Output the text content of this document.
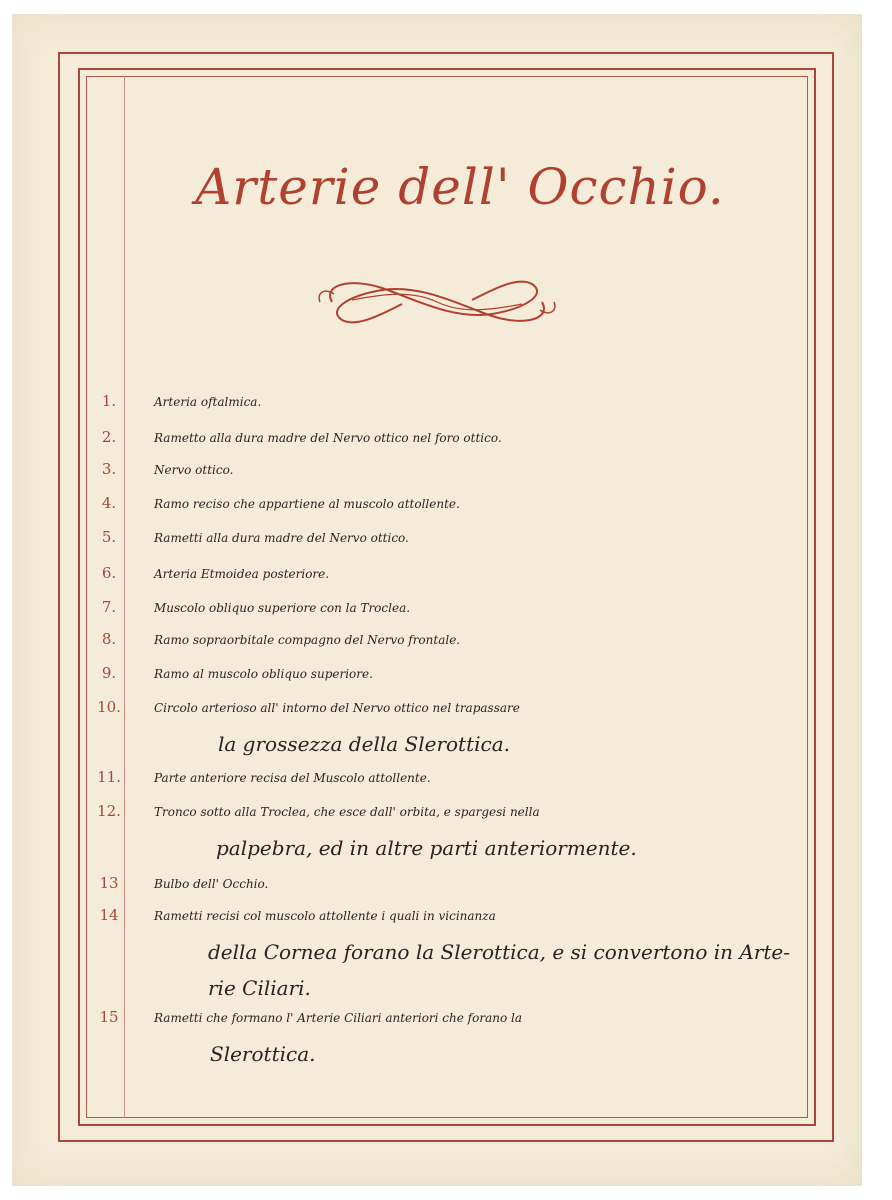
Arterie dell' Occhio.
1.	Arteria oftalmica.
2.	Rametto alla dura madre del Nervo ottico nel foro ottico.
3.	Nervo ottico.
4.	Ramo reciso che appartiene al muscolo attollente.
5.	Rametti alla dura madre del Nervo ottico.
6.	Arteria Etmoidea posteriore.
7.	Muscolo obliquo superiore con la Troclea.
8.	Ramo sopraorbitale compagno del Nervo frontale.
9.	Ramo al muscolo obliquo superiore.
10.	Circolo arterioso all' intorno del Nervo ottico nel trapassare
la grossezza della Slerottica.
11.	Parte anteriore recisa del Muscolo attollente.
12.	Tronco sotto alla Troclea, che esce dall' orbita, e spargesi nella
palpebra, ed in altre parti anteriormente.
13	Bulbo dell' Occhio.
14	Rametti recisi col muscolo attollente i quali in vicinanza
della Cornea forano la Slerottica, e si convertono in Arte-
rie Ciliari.
15	Rametti che formano l' Arterie Ciliari anteriori che forano la
Slerottica.
